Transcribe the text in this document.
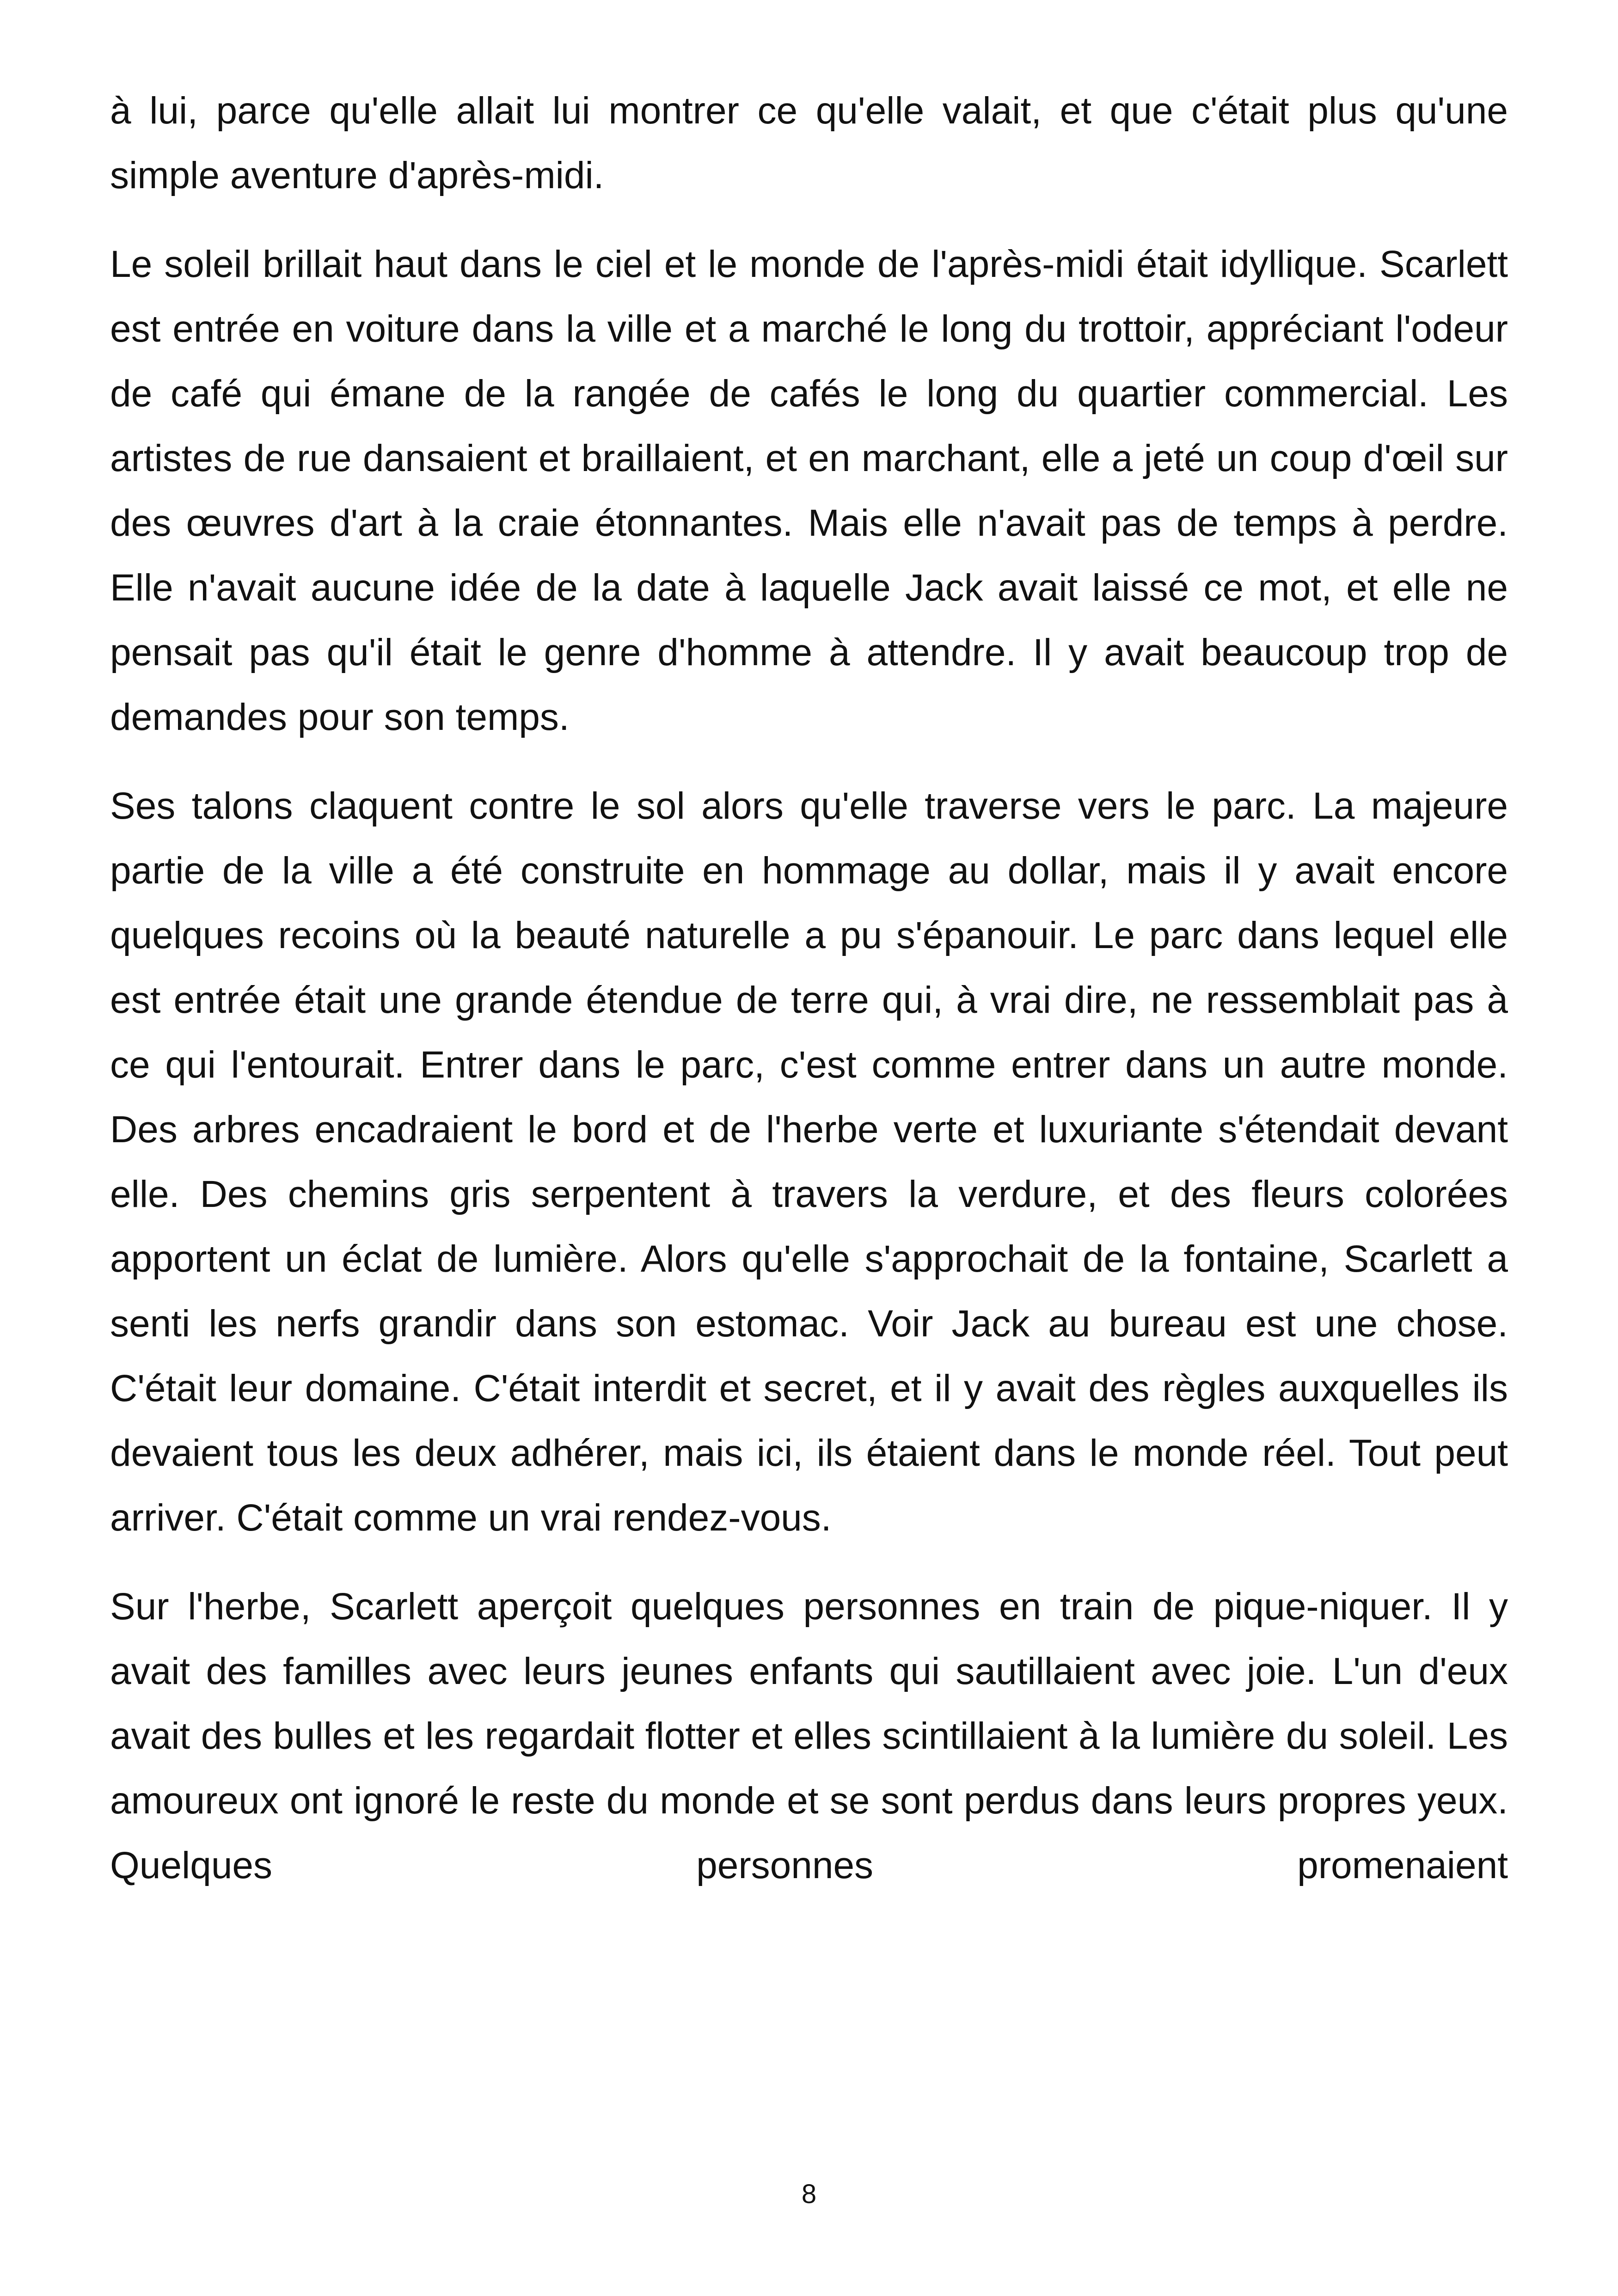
à lui, parce qu'elle allait lui montrer ce qu'elle valait, et que c'était plus qu'une simple aventure d'après-midi.

Le soleil brillait haut dans le ciel et le monde de l'après-midi était idyllique. Scarlett est entrée en voiture dans la ville et a marché le long du trottoir, appréciant l'odeur de café qui émane de la rangée de cafés le long du quartier commercial. Les artistes de rue dansaient et braillaient, et en marchant, elle a jeté un coup d'œil sur des œuvres d'art à la craie étonnantes. Mais elle n'avait pas de temps à perdre. Elle n'avait aucune idée de la date à laquelle Jack avait laissé ce mot, et elle ne pensait pas qu'il était le genre d'homme à attendre. Il y avait beaucoup trop de demandes pour son temps.

Ses talons claquent contre le sol alors qu'elle traverse vers le parc. La majeure partie de la ville a été construite en hommage au dollar, mais il y avait encore quelques recoins où la beauté naturelle a pu s'épanouir. Le parc dans lequel elle est entrée était une grande étendue de terre qui, à vrai dire, ne ressemblait pas à ce qui l'entourait. Entrer dans le parc, c'est comme entrer dans un autre monde. Des arbres encadraient le bord et de l'herbe verte et luxuriante s'étendait devant elle. Des chemins gris serpentent à travers la verdure, et des fleurs colorées apportent un éclat de lumière. Alors qu'elle s'approchait de la fontaine, Scarlett a senti les nerfs grandir dans son estomac. Voir Jack au bureau est une chose. C'était leur domaine. C'était interdit et secret, et il y avait des règles auxquelles ils devaient tous les deux adhérer, mais ici, ils étaient dans le monde réel. Tout peut arriver. C'était comme un vrai rendez-vous.

Sur l'herbe, Scarlett aperçoit quelques personnes en train de pique-niquer. Il y avait des familles avec leurs jeunes enfants qui sautillaient avec joie. L'un d'eux avait des bulles et les regardait flotter et elles scintillaient à la lumière du soleil. Les amoureux ont ignoré le reste du monde et se sont perdus dans leurs propres yeux. Quelques personnes promenaient

8
